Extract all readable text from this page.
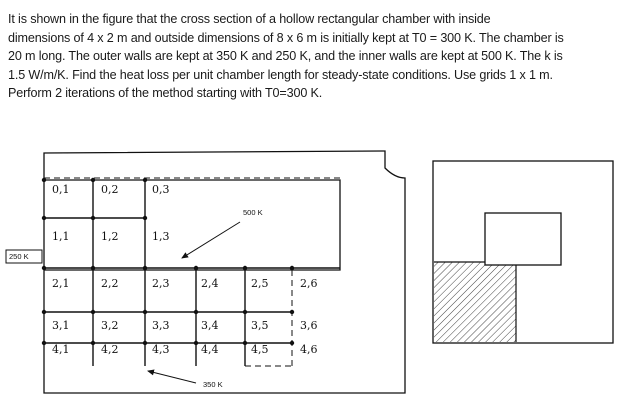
It is shown in the figure that the cross section of a hollow rectangular chamber with inside

dimensions of 4 x 2 m and outside dimensions of 8 x 6 m is initially kept at T0 = 300 K. The chamber is

20 m long. The outer walls are kept at 350 K and 250 K, and the inner walls are kept at 500 K. The k is

1.5 W/m/K. Find the heat loss per unit chamber length for steady-state conditions. Use grids 1 x 1 m.

Perform 2 iterations of the method starting with T0=300 K.

0,1	0,2	0,3
1,1	1,2	1,3
2,1	2,2	2,3	2,4	2,5	2,6
3,1	3,2	3,3	3,4	3,5	3,6
4,1	4,2	4,3	4,4	4,5	4,6
500 K
250 K
350 K
